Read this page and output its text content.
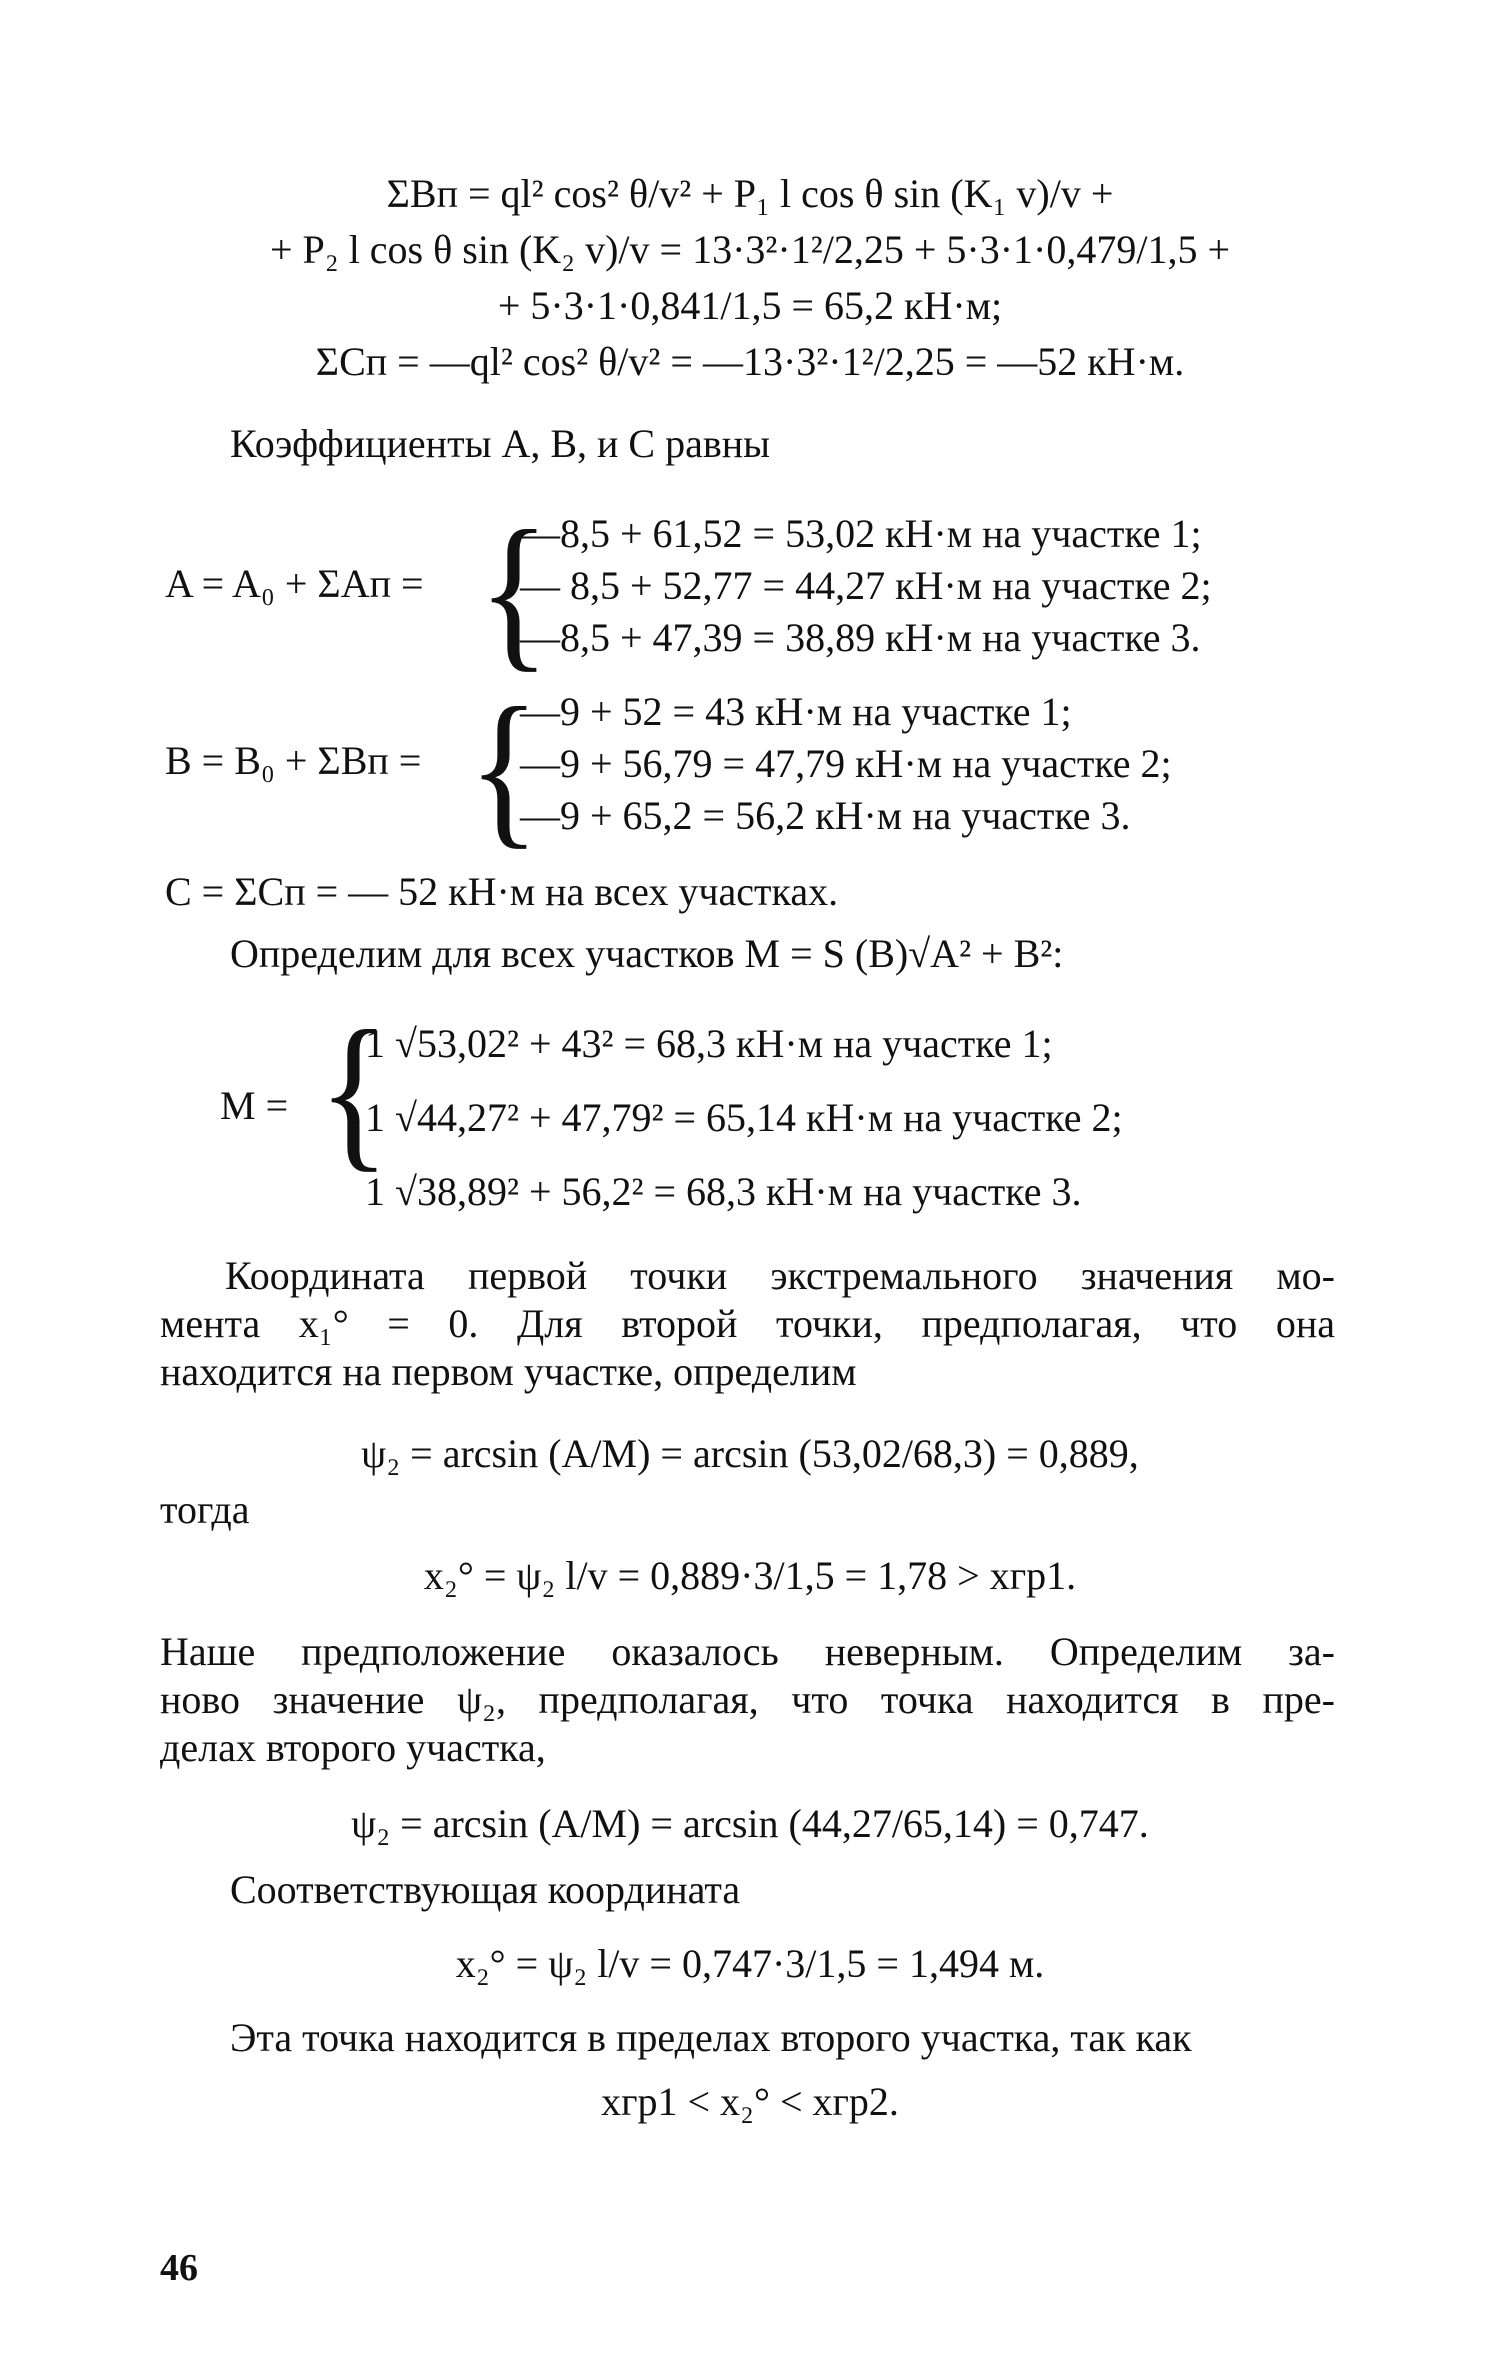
ΣBп = ql² cos² θ/v² + P₁ l cos θ sin (K₁ v)/v +
+ P₂ l cos θ sin (K₂ v)/v = 13·3²·1²/2,25 + 5·3·1·0,479/1,5 +
+ 5·3·1·0,841/1,5 = 65,2 кН·м;
ΣCп = —ql² cos² θ/v² = —13·3²·1²/2,25 = —52 кН·м.
Коэффициенты A, B, и C равны
A = A₀ + ΣAп = {
—8,5 + 61,52 = 53,02 кН·м на участке 1;
— 8,5 + 52,77 = 44,27 кН·м на участке 2;
—8,5 + 47,39 = 38,89 кН·м на участке 3.
B = B₀ + ΣBп = {
—9 + 52 = 43 кН·м на участке 1;
—9 + 56,79 = 47,79 кН·м на участке 2;
—9 + 65,2 = 56,2 кН·м на участке 3.
C = ΣCп = — 52 кН·м на всех участках.
Определим для всех участков M = S (B)√A² + B²:
M = {
1 √53,02² + 43² = 68,3 кН·м на участке 1;
1 √44,27² + 47,79² = 65,14 кН·м на участке 2;
1 √38,89² + 56,2² = 68,3 кН·м на участке 3.
Координата первой точки экстремального значения мо-
мента x₁° = 0. Для второй точки, предполагая, что она
находится на первом участке, определим
ψ₂ = arcsin (A/M) = arcsin (53,02/68,3) = 0,889,
тогда
x₂° = ψ₂ l/v = 0,889·3/1,5 = 1,78 > xгр1.
Наше предположение оказалось неверным. Определим за-
ново значение ψ₂, предполагая, что точка находится в пре-
делах второго участка,
ψ₂ = arcsin (A/M) = arcsin (44,27/65,14) = 0,747.
Соответствующая координата
x₂° = ψ₂ l/v = 0,747·3/1,5 = 1,494 м.
Эта точка находится в пределах второго участка, так как
xгр1 < x₂° < xгр2.
46
